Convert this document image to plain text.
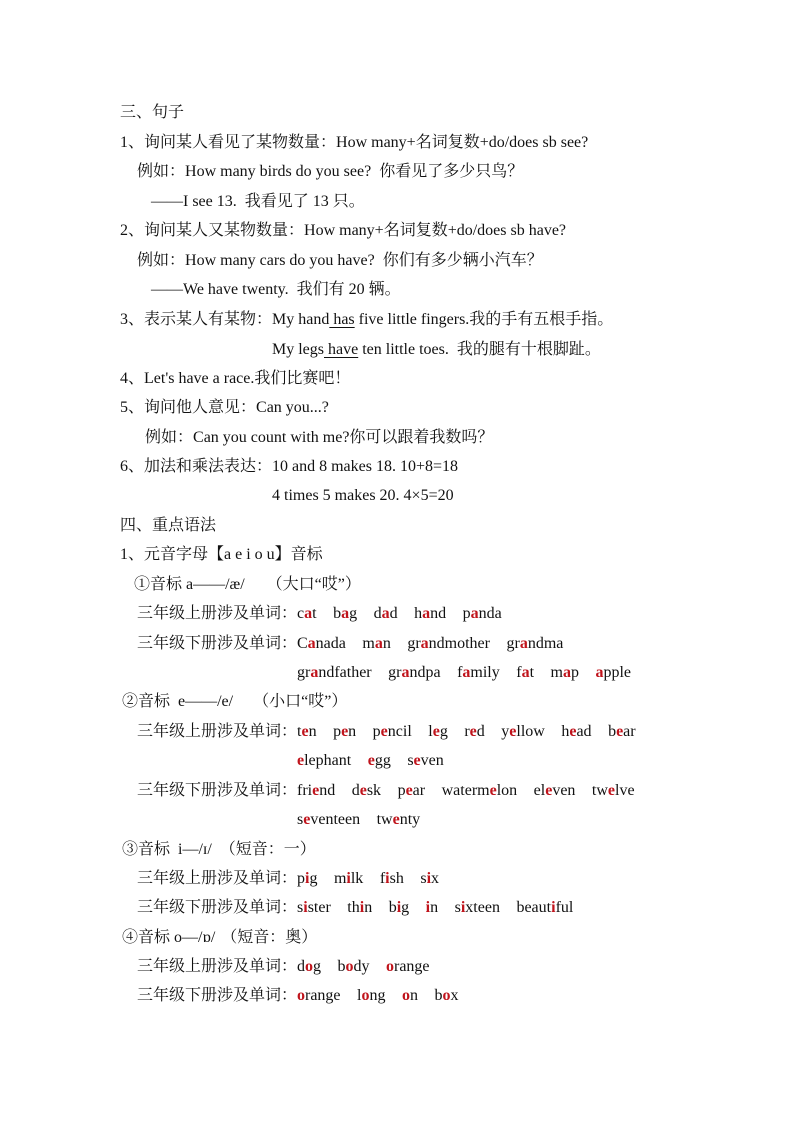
三、句子
1、询问某人看见了某物数量：How many+名词复数+do/does sb see?
例如：How many birds do you see? 你看见了多少只鸟？
——I see 13. 我看见了 13 只。
2、询问某人又某物数量：How many+名词复数+do/does sb have?
例如：How many cars do you have? 你们有多少辆小汽车？
——We have twenty. 我们有 20 辆。
3、表示某人有某物：My hand has five little fingers.我的手有五根手指。
My legs have ten little toes.  我的腿有十根脚趾。
4、Let's have a race.我们比赛吧！
5、询问他人意见：Can you...?
例如：Can you count with me?你可以跟着我数吗？
6、加法和乘法表达：10 and 8 makes 18. 10+8=18
4 times 5 makes 20. 4×5=20
四、重点语法
1、元音字母【a e i o u】音标
①音标 a——/æ/ （大口“哎”）
三年级上册涉及单词：cat bag dad hand panda
三年级下册涉及单词：Canada man grandmother grandma
grandfather grandpa family fat map apple
②音标  e——/e/ （小口“哎”）
三年级上册涉及单词：ten pen pencil leg red yellow head bear
elephant egg seven
三年级下册涉及单词：friend desk pear watermelon eleven twelve
seventeen twenty
③音标  i—/ɪ/ （短音：一）
三年级上册涉及单词：pig milk fish six
三年级下册涉及单词：sister thin big in sixteen beautiful
④音标 o—/ɒ/ （短音：奥）
三年级上册涉及单词：dog body orange
三年级下册涉及单词：orange long on box
